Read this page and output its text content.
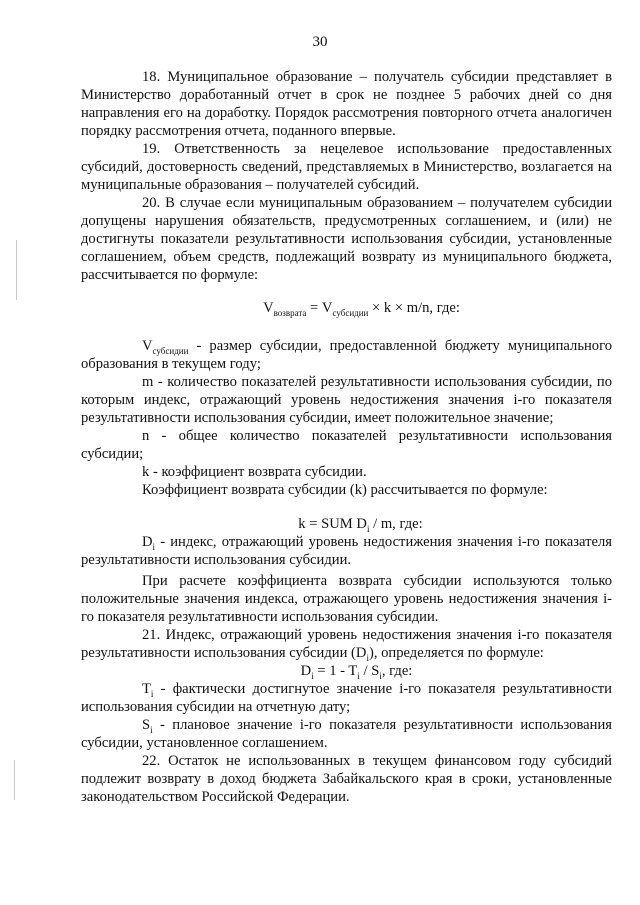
30

18. Муниципальное образование – получатель субсидии представляет в Министерство доработанный отчет в срок не позднее 5 рабочих дней со дня направления его на доработку. Порядок рассмотрения повторного отчета аналогичен порядку рассмотрения отчета, поданного впервые.

19. Ответственность за нецелевое использование предоставленных субсидий, достоверность сведений, представляемых в Министерство, возлагается на муниципальные образования – получателей субсидий.

20. В случае если муниципальным образованием – получателем субсидии допущены нарушения обязательств, предусмотренных соглашением, и (или) не достигнуты показатели результативности использования субсидии, установленные соглашением, объем средств, подлежащий возврату из муниципального бюджета, рассчитывается по формуле:

$V_{возврата} = V_{субсидии} \times k \times m/n$, где:

$V_{субсидии}$ - размер субсидии, предоставленной бюджету муниципального образования в текущем году;

m - количество показателей результативности использования субсидии, по которым индекс, отражающий уровень недостижения значения i-го показателя результативности использования субсидии, имеет положительное значение;

n - общее количество показателей результативности использования субсидии;

k - коэффициент возврата субсидии.

Коэффициент возврата субсидии (k) рассчитывается по формуле:

k = SUM $D_i$ / m, где:

$D_i$ - индекс, отражающий уровень недостижения значения i-го показателя результативности использования субсидии.

При расчете коэффициента возврата субсидии используются только положительные значения индекса, отражающего уровень недостижения значения i-го показателя результативности использования субсидии.

21. Индекс, отражающий уровень недостижения значения i-го показателя результативности использования субсидии $(D_i)$, определяется по формуле:

$D_i = 1 - T_i / S_i$, где:

$T_i$ - фактически достигнутое значение i-го показателя результативности использования субсидии на отчетную дату;

$S_i$ - плановое значение i-го показателя результативности использования субсидии, установленное соглашением.

22. Остаток не использованных в текущем финансовом году субсидий подлежит возврату в доход бюджета Забайкальского края в сроки, установленные законодательством Российской Федерации.
